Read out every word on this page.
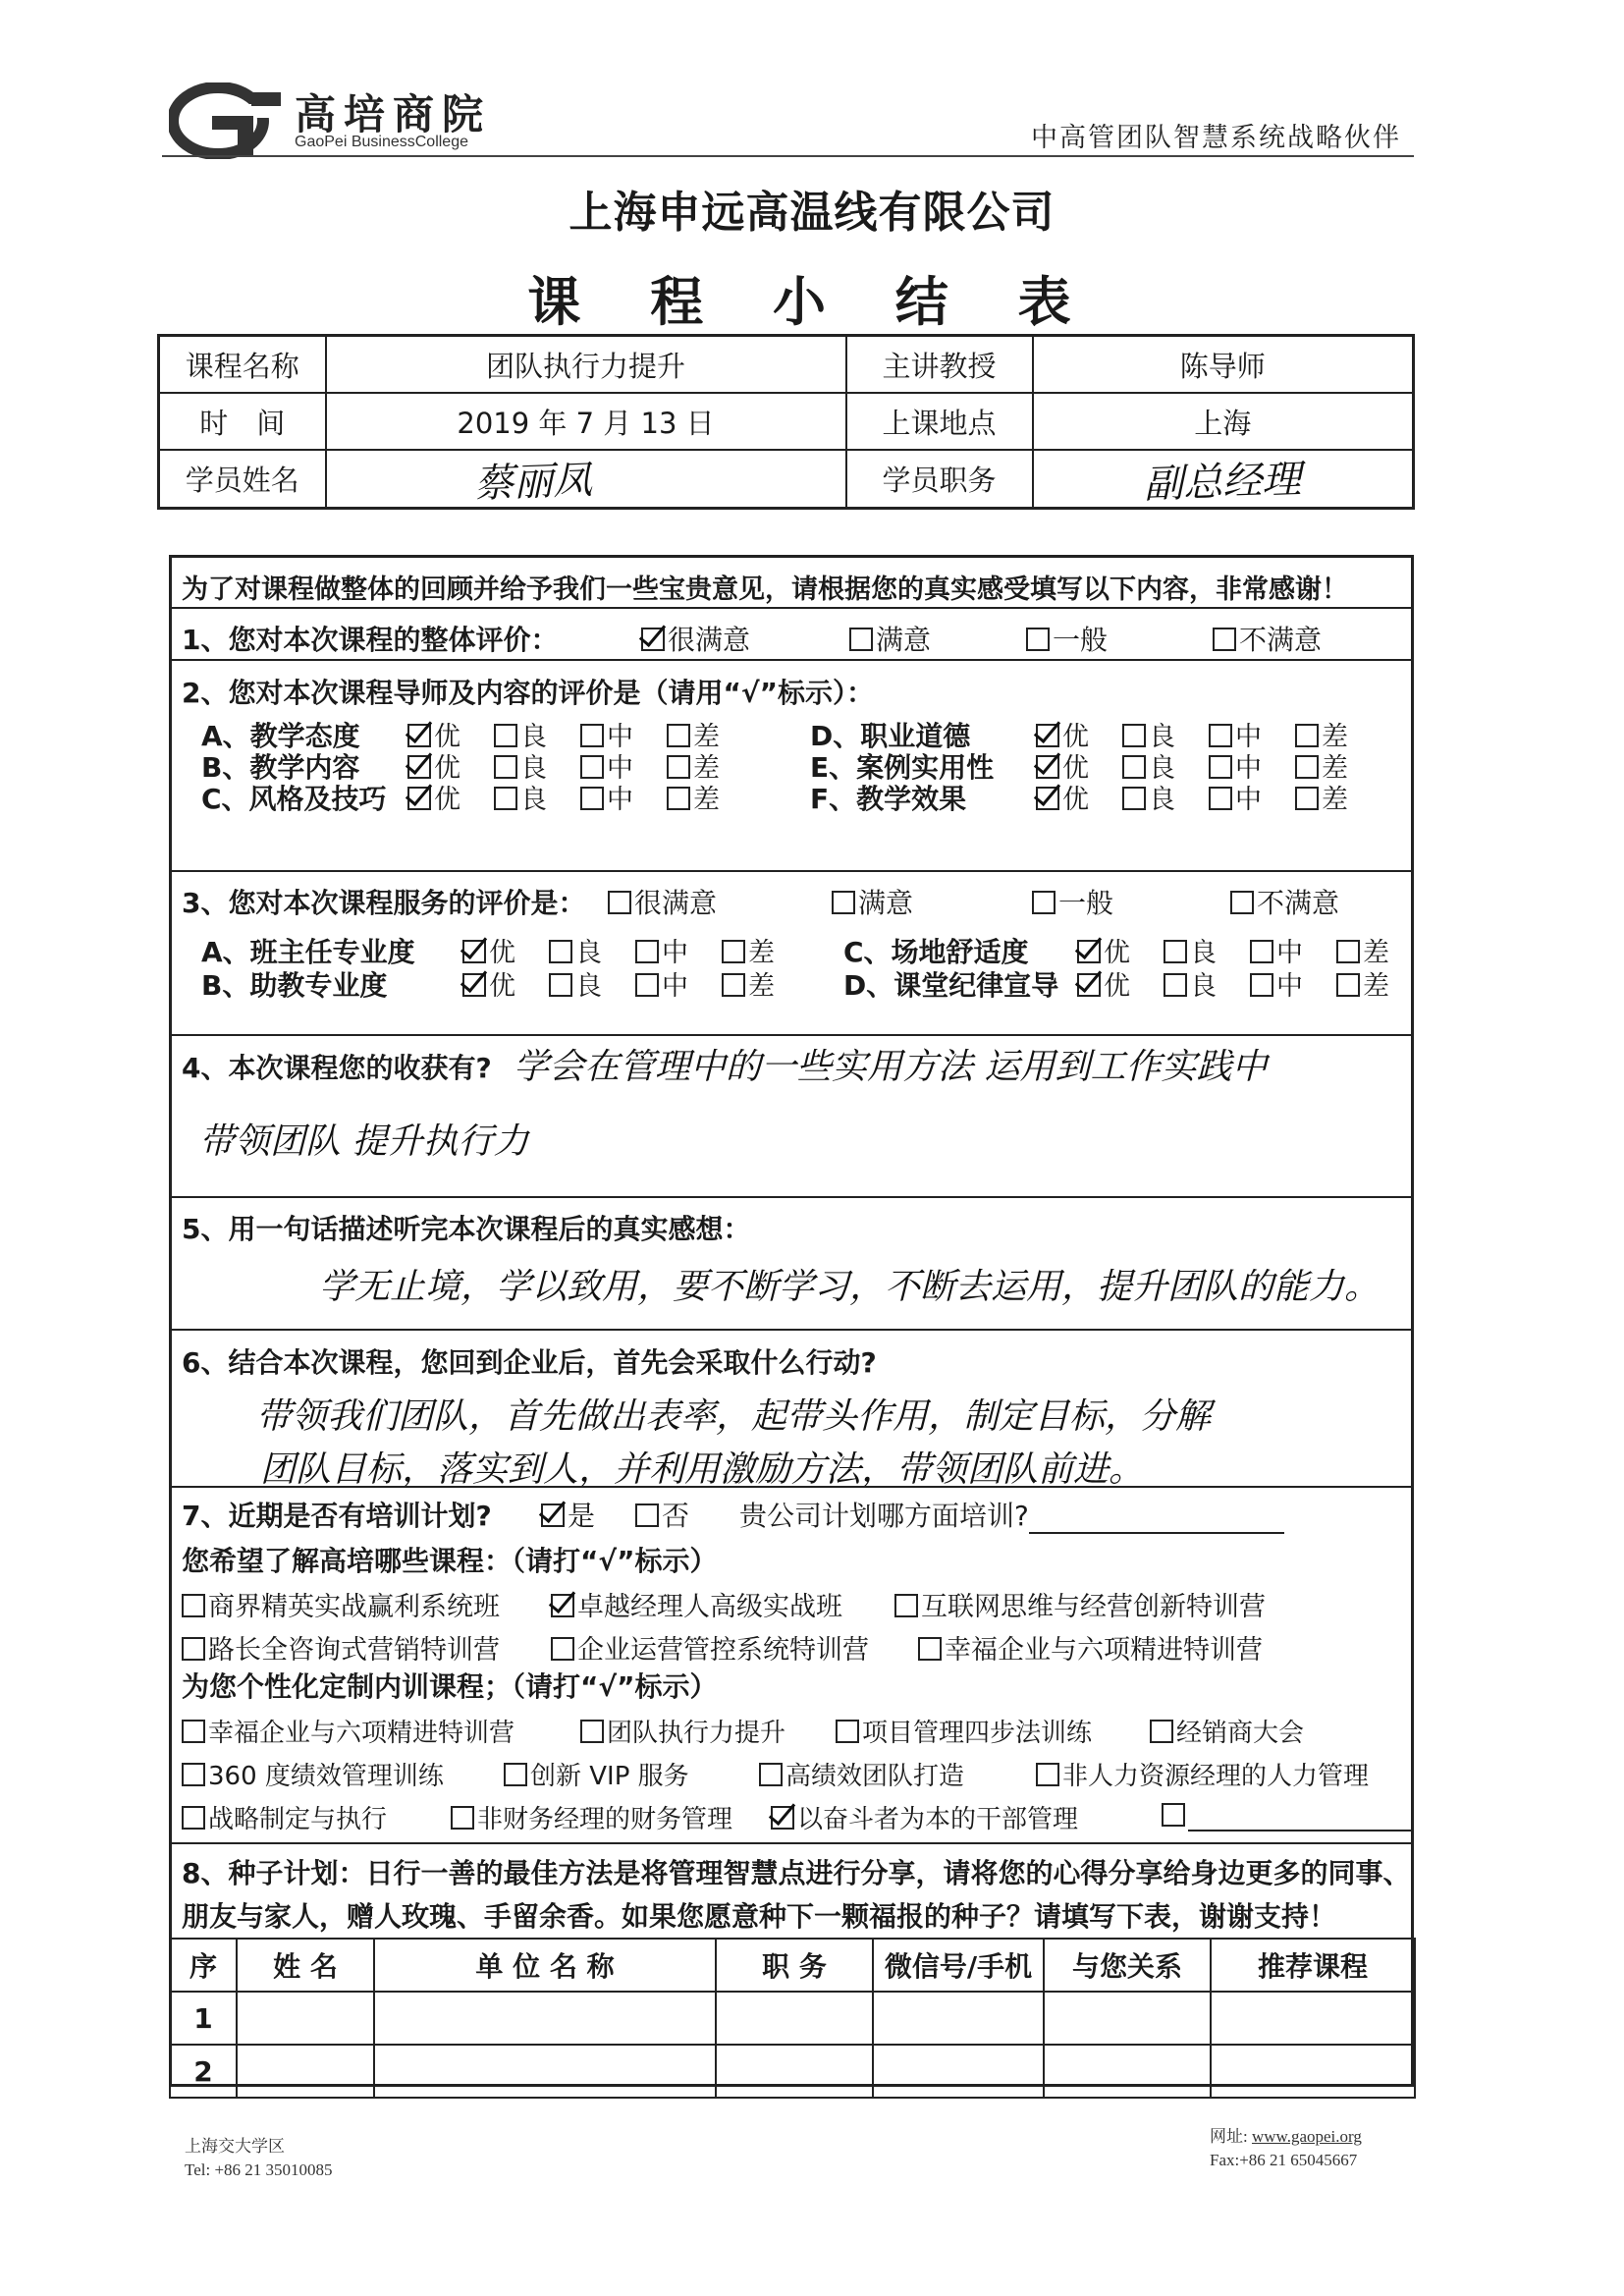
高培商院
GaoPei BusinessCollege	中高管团队智慧系统战略伙伴
上海申远高温线有限公司
课 程 小 结 表
课程名称	团队执行力提升	主讲教授	陈导师
时　间	2019 年 7 月 13 日	上课地点	上海
学员姓名	蔡丽凤	学员职务	副总经理
为了对课程做整体的回顾并给予我们一些宝贵意见，请根据您的真实感受填写以下内容，非常感谢！
1、您对本次课程的整体评价：	很满意	满意	一般	不满意
2、您对本次课程导师及内容的评价是（请用“√”标示）：
A、教学态度	优	良	中	差
B、教学内容	优	良	中	差
C、风格及技巧	优	良	中	差
D、职业道德	优	良	中	差
E、案例实用性	优	良	中	差
F、教学效果	优	良	中	差
3、您对本次课程服务的评价是：	很满意	满意	一般	不满意
A、班主任专业度	优	良	中	差
B、助教专业度	优	良	中	差
C、场地舒适度	优	良	中	差
D、课堂纪律宣导	优	良	中	差
4、本次课程您的收获有? 学会在管理中的一些实用方法 运用到工作实践中
带领团队 提升执行力
5、用一句话描述听完本次课程后的真实感想：
学无止境，学以致用，要不断学习，不断去运用，提升团队的能力。
6、结合本次课程，您回到企业后，首先会采取什么行动?
带领我们团队，首先做出表率，起带头作用，制定目标，分解
团队目标，落实到人，并利用激励方法，带领团队前进。
7、近期是否有培训计划?	是	否 贵公司计划哪方面培训?
您希望了解高培哪些课程：（请打“√”标示）
商界精英实战赢利系统班	卓越经理人高级实战班	互联网思维与经营创新特训营
路长全咨询式营销特训营	企业运营管控系统特训营	幸福企业与六项精进特训营
为您个性化定制内训课程；（请打“√”标示）
幸福企业与六项精进特训营	团队执行力提升	项目管理四步法训练	经销商大会
360 度绩效管理训练	创新 VIP 服务	高绩效团队打造	非人力资源经理的人力管理
战略制定与执行	非财务经理的财务管理	以奋斗者为本的干部管理
8、种子计划：日行一善的最佳方法是将管理智慧点进行分享，请将您的心得分享给身边更多的同事、
朋友与家人，赠人玫瑰、手留余香。如果您愿意种下一颗福报的种子？请填写下表，谢谢支持！
序	姓 名	单 位 名 称	职 务	微信号/手机	与您关系	推荐课程
1						
2						
上海交大学区
Tel: +86 21 35010085
网址: www.gaopei.org
Fax:+86 21 65045667
